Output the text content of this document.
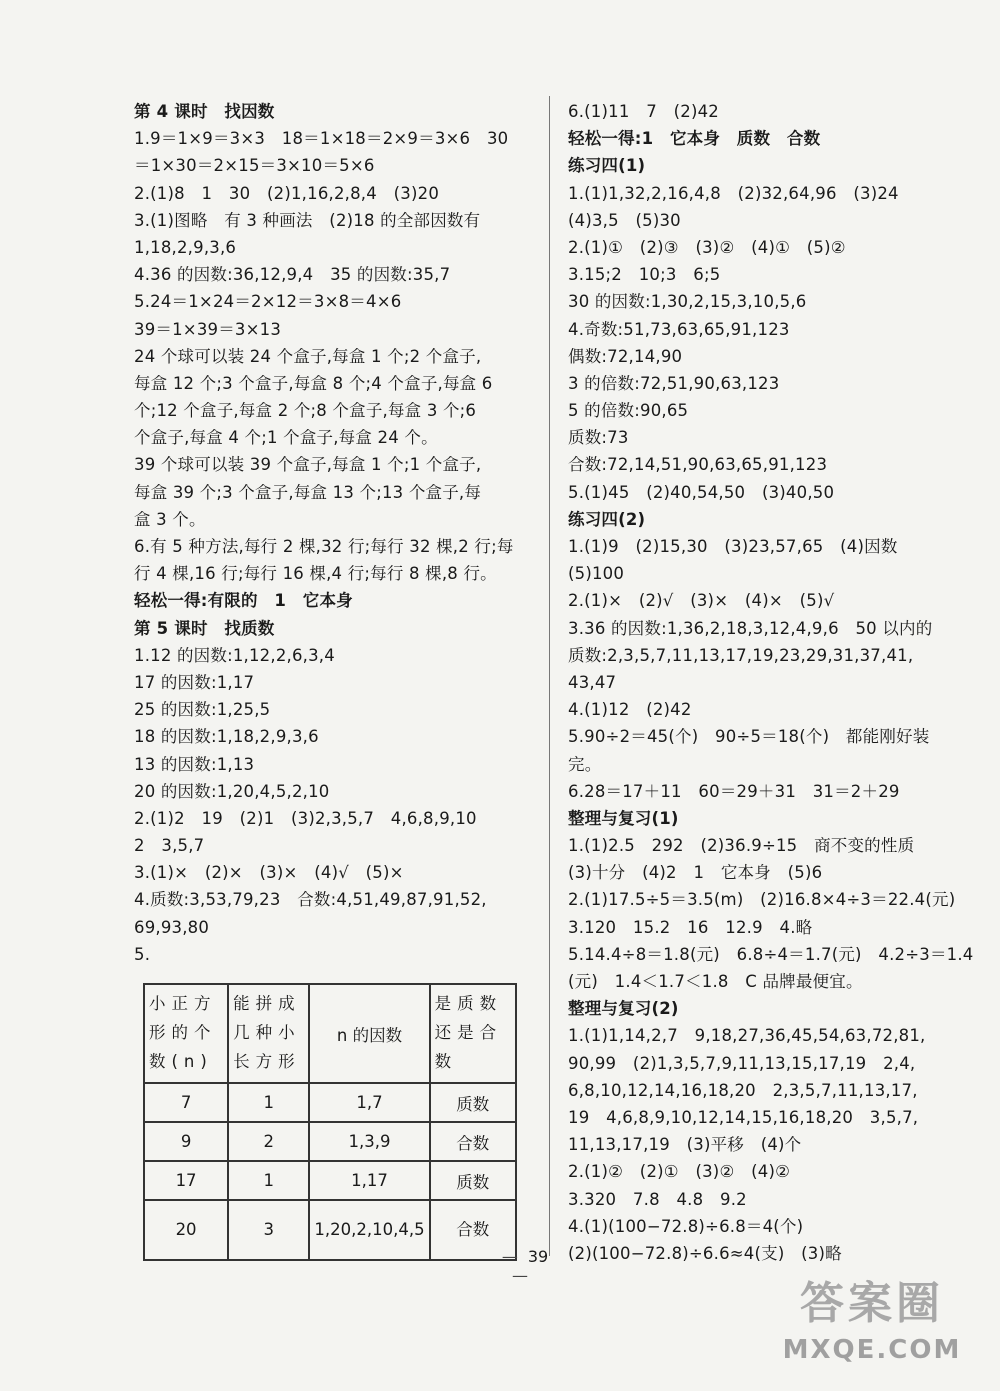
第 4 课时　找因数
1.9＝1×9＝3×3　18＝1×18＝2×9＝3×6　30
＝1×30＝2×15＝3×10＝5×6
2.(1)8　1　30　(2)1,16,2,8,4　(3)20
3.(1)图略　有 3 种画法　(2)18 的全部因数有
1,18,2,9,3,6
4.36 的因数:36,12,9,4　35 的因数:35,7
5.24＝1×24＝2×12＝3×8＝4×6
39＝1×39＝3×13
24 个球可以装 24 个盒子,每盒 1 个;2 个盒子,
每盒 12 个;3 个盒子,每盒 8 个;4 个盒子,每盒 6
个;12 个盒子,每盒 2 个;8 个盒子,每盒 3 个;6
个盒子,每盒 4 个;1 个盒子,每盒 24 个。
39 个球可以装 39 个盒子,每盒 1 个;1 个盒子,
每盒 39 个;3 个盒子,每盒 13 个;13 个盒子,每
盒 3 个。
6.有 5 种方法,每行 2 棵,32 行;每行 32 棵,2 行;每
行 4 棵,16 行;每行 16 棵,4 行;每行 8 棵,8 行。
轻松一得:有限的　1　它本身
第 5 课时　找质数
1.12 的因数:1,12,2,6,3,4
17 的因数:1,17
25 的因数:1,25,5
18 的因数:1,18,2,9,3,6
13 的因数:1,13
20 的因数:1,20,4,5,2,10
2.(1)2　19　(2)1　(3)2,3,5,7　4,6,8,9,10
2　3,5,7
3.(1)×　(2)×　(3)×　(4)√　(5)×
4.质数:3,53,79,23　合数:4,51,49,87,91,52,
69,93,80
5.
6.(1)11　7　(2)42
轻松一得:1　它本身　质数　合数
练习四(1)
1.(1)1,32,2,16,4,8　(2)32,64,96　(3)24
(4)3,5　(5)30
2.(1)①　(2)③　(3)②　(4)①　(5)②
3.15;2　10;3　6;5
30 的因数:1,30,2,15,3,10,5,6
4.奇数:51,73,63,65,91,123
偶数:72,14,90
3 的倍数:72,51,90,63,123
5 的倍数:90,65
质数:73
合数:72,14,51,90,63,65,91,123
5.(1)45　(2)40,54,50　(3)40,50
练习四(2)
1.(1)9　(2)15,30　(3)23,57,65　(4)因数
(5)100
2.(1)×　(2)√　(3)×　(4)×　(5)√
3.36 的因数:1,36,2,18,3,12,4,9,6　50 以内的
质数:2,3,5,7,11,13,17,19,23,29,31,37,41,
43,47
4.(1)12　(2)42
5.90÷2＝45(个)　90÷5＝18(个)　都能刚好装
完。
6.28＝17＋11　60＝29＋31　31＝2＋29
整理与复习(1)
1.(1)2.5　292　(2)36.9÷15　商不变的性质
(3)十分　(4)2　1　它本身　(5)6
2.(1)17.5÷5＝3.5(m)　(2)16.8×4÷3＝22.4(元)
3.120　15.2　16　12.9　4.略
5.14.4÷8＝1.8(元)　6.8÷4＝1.7(元)　4.2÷3＝1.4
(元)　1.4＜1.7＜1.8　C 品牌最便宜。
整理与复习(2)
1.(1)1,14,2,7　9,18,27,36,45,54,63,72,81,
90,99　(2)1,3,5,7,9,11,13,15,17,19　2,4,
6,8,10,12,14,16,18,20　2,3,5,7,11,13,17,
19　4,6,8,9,10,12,14,15,16,18,20　3,5,7,
11,13,17,19　(3)平移　(4)个
2.(1)②　(2)①　(3)②　(4)②
3.320　7.8　4.8　9.2
4.(1)(100−72.8)÷6.8＝4(个)
(2)(100−72.8)÷6.6≈4(支)　(3)略
小正方形的个数(n)	能拼成几种小长方形	n 的因数	是质数还是合数
7	1	1,7	质数
9	2	1,3,9	合数
17	1	1,17	质数
20	3	1,20,2,10,4,5	合数
— 39 —
答案圈
MXQE.COM
